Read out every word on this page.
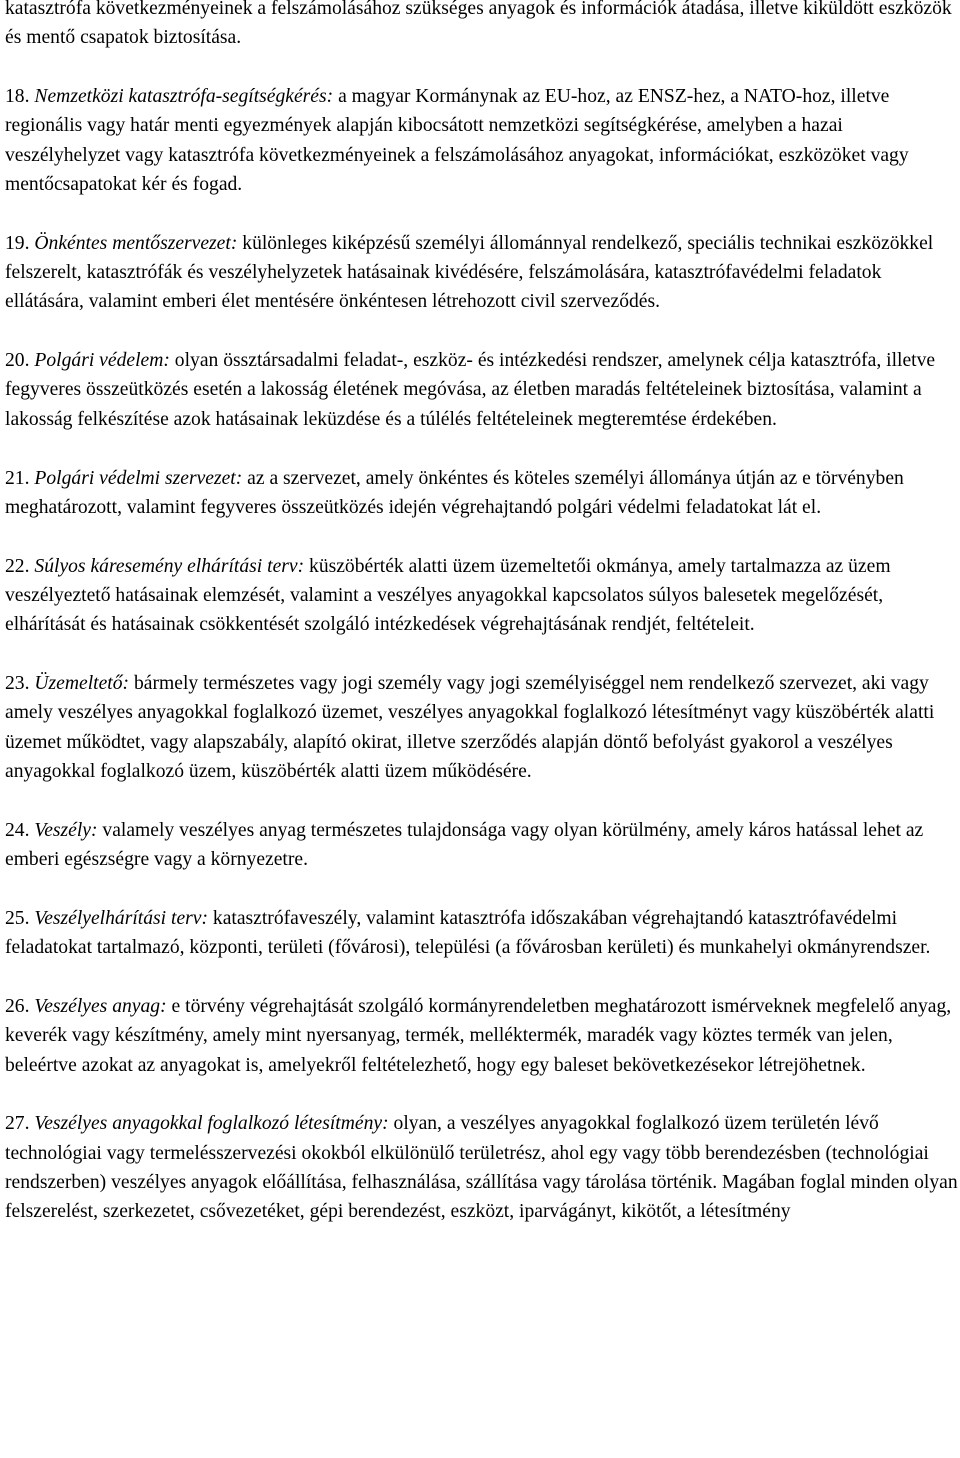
katasztrófa következményeinek a felszámolásához szükséges anyagok és információk átadása, illetve kiküldött eszközök és mentő csapatok biztosítása.

18. Nemzetközi katasztrófa-segítségkérés: a magyar Kormánynak az EU-hoz, az ENSZ-hez, a NATO-hoz, illetve regionális vagy határ menti egyezmények alapján kibocsátott nemzetközi segítségkérése, amelyben a hazai veszélyhelyzet vagy katasztrófa következményeinek a felszámolásához anyagokat, információkat, eszközöket vagy mentőcsapatokat kér és fogad.

19. Önkéntes mentőszervezet: különleges kiképzésű személyi állománnyal rendelkező, speciális technikai eszközökkel felszerelt, katasztrófák és veszélyhelyzetek hatásainak kivédésére, felszámolására, katasztrófavédelmi feladatok ellátására, valamint emberi élet mentésére önkéntesen létrehozott civil szerveződés.

20. Polgári védelem: olyan össztársadalmi feladat-, eszköz- és intézkedési rendszer, amelynek célja katasztrófa, illetve fegyveres összeütközés esetén a lakosság életének megóvása, az életben maradás feltételeinek biztosítása, valamint a lakosság felkészítése azok hatásainak leküzdése és a túlélés feltételeinek megteremtése érdekében.

21. Polgári védelmi szervezet: az a szervezet, amely önkéntes és köteles személyi állománya útján az e törvényben meghatározott, valamint fegyveres összeütközés idején végrehajtandó polgári védelmi feladatokat lát el.

22. Súlyos káresemény elhárítási terv: küszöbérték alatti üzem üzemeltetői okmánya, amely tartalmazza az üzem veszélyeztető hatásainak elemzését, valamint a veszélyes anyagokkal kapcsolatos súlyos balesetek megelőzését, elhárítását és hatásainak csökkentését szolgáló intézkedések végrehajtásának rendjét, feltételeit.

23. Üzemeltető: bármely természetes vagy jogi személy vagy jogi személyiséggel nem rendelkező szervezet, aki vagy amely veszélyes anyagokkal foglalkozó üzemet, veszélyes anyagokkal foglalkozó létesítményt vagy küszöbérték alatti üzemet működtet, vagy alapszabály, alapító okirat, illetve szerződés alapján döntő befolyást gyakorol a veszélyes anyagokkal foglalkozó üzem, küszöbérték alatti üzem működésére.

24. Veszély: valamely veszélyes anyag természetes tulajdonsága vagy olyan körülmény, amely káros hatással lehet az emberi egészségre vagy a környezetre.

25. Veszélyelhárítási terv: katasztrófaveszély, valamint katasztrófa időszakában végrehajtandó katasztrófavédelmi feladatokat tartalmazó, központi, területi (fővárosi), települési (a fővárosban kerületi) és munkahelyi okmányrendszer.

26. Veszélyes anyag: e törvény végrehajtását szolgáló kormányrendeletben meghatározott ismérveknek megfelelő anyag, keverék vagy készítmény, amely mint nyersanyag, termék, melléktermék, maradék vagy köztes termék van jelen, beleértve azokat az anyagokat is, amelyekről feltételezhető, hogy egy baleset bekövetkezésekor létrejöhetnek.

27. Veszélyes anyagokkal foglalkozó létesítmény: olyan, a veszélyes anyagokkal foglalkozó üzem területén lévő technológiai vagy termelésszervezési okokból elkülönülő területrész, ahol egy vagy több berendezésben (technológiai rendszerben) veszélyes anyagok előállítása, felhasználása, szállítása vagy tárolása történik. Magában foglal minden olyan felszerelést, szerkezetet, csővezetéket, gépi berendezést, eszközt, iparvágányt, kikötőt, a létesítmény
